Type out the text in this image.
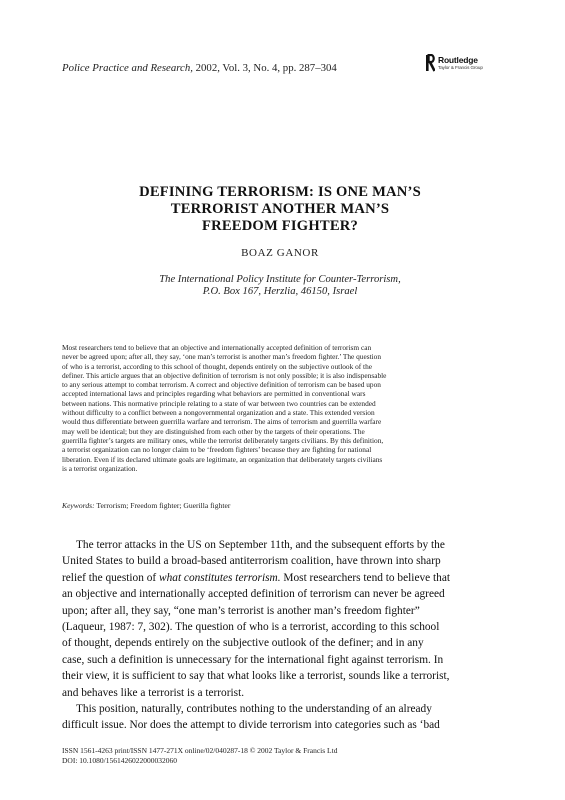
Police Practice and Research, 2002, Vol. 3, No. 4, pp. 287–304
Routledge
Taylor & Francis Group
DEFINING TERRORISM: IS ONE MAN’S
TERRORIST ANOTHER MAN’S
FREEDOM FIGHTER?
BOAZ GANOR
The International Policy Institute for Counter-Terrorism,
P.O. Box 167, Herzlia, 46150, Israel
Most researchers tend to believe that an objective and internationally accepted definition of terrorism can
never be agreed upon; after all, they say, ‘one man’s terrorist is another man’s freedom fighter.’ The question
of who is a terrorist, according to this school of thought, depends entirely on the subjective outlook of the
definer. This article argues that an objective definition of terrorism is not only possible; it is also indispensable
to any serious attempt to combat terrorism. A correct and objective definition of terrorism can be based upon
accepted international laws and principles regarding what behaviors are permitted in conventional wars
between nations. This normative principle relating to a state of war between two countries can be extended
without difficulty to a conflict between a nongovernmental organization and a state. This extended version
would thus differentiate between guerrilla warfare and terrorism. The aims of terrorism and guerrilla warfare
may well be identical; but they are distinguished from each other by the targets of their operations. The
guerrilla fighter’s targets are military ones, while the terrorist deliberately targets civilians. By this definition,
a terrorist organization can no longer claim to be ‘freedom fighters’ because they are fighting for national
liberation. Even if its declared ultimate goals are legitimate, an organization that deliberately targets civilians
is a terrorist organization.
Keywords: Terrorism; Freedom fighter; Guerilla fighter
The terror attacks in the US on September 11th, and the subsequent efforts by the
United States to build a broad-based antiterrorism coalition, have thrown into sharp
relief the question of what constitutes terrorism. Most researchers tend to believe that
an objective and internationally accepted definition of terrorism can never be agreed
upon; after all, they say, “one man’s terrorist is another man’s freedom fighter”
(Laqueur, 1987: 7, 302). The question of who is a terrorist, according to this school
of thought, depends entirely on the subjective outlook of the definer; and in any
case, such a definition is unnecessary for the international fight against terrorism. In
their view, it is sufficient to say that what looks like a terrorist, sounds like a terrorist,
and behaves like a terrorist is a terrorist.
This position, naturally, contributes nothing to the understanding of an already
difficult issue. Nor does the attempt to divide terrorism into categories such as ‘bad
ISSN 1561-4263 print/ISSN 1477-271X online/02/040287-18 © 2002 Taylor & Francis Ltd
DOI: 10.1080/1561426022000032060
